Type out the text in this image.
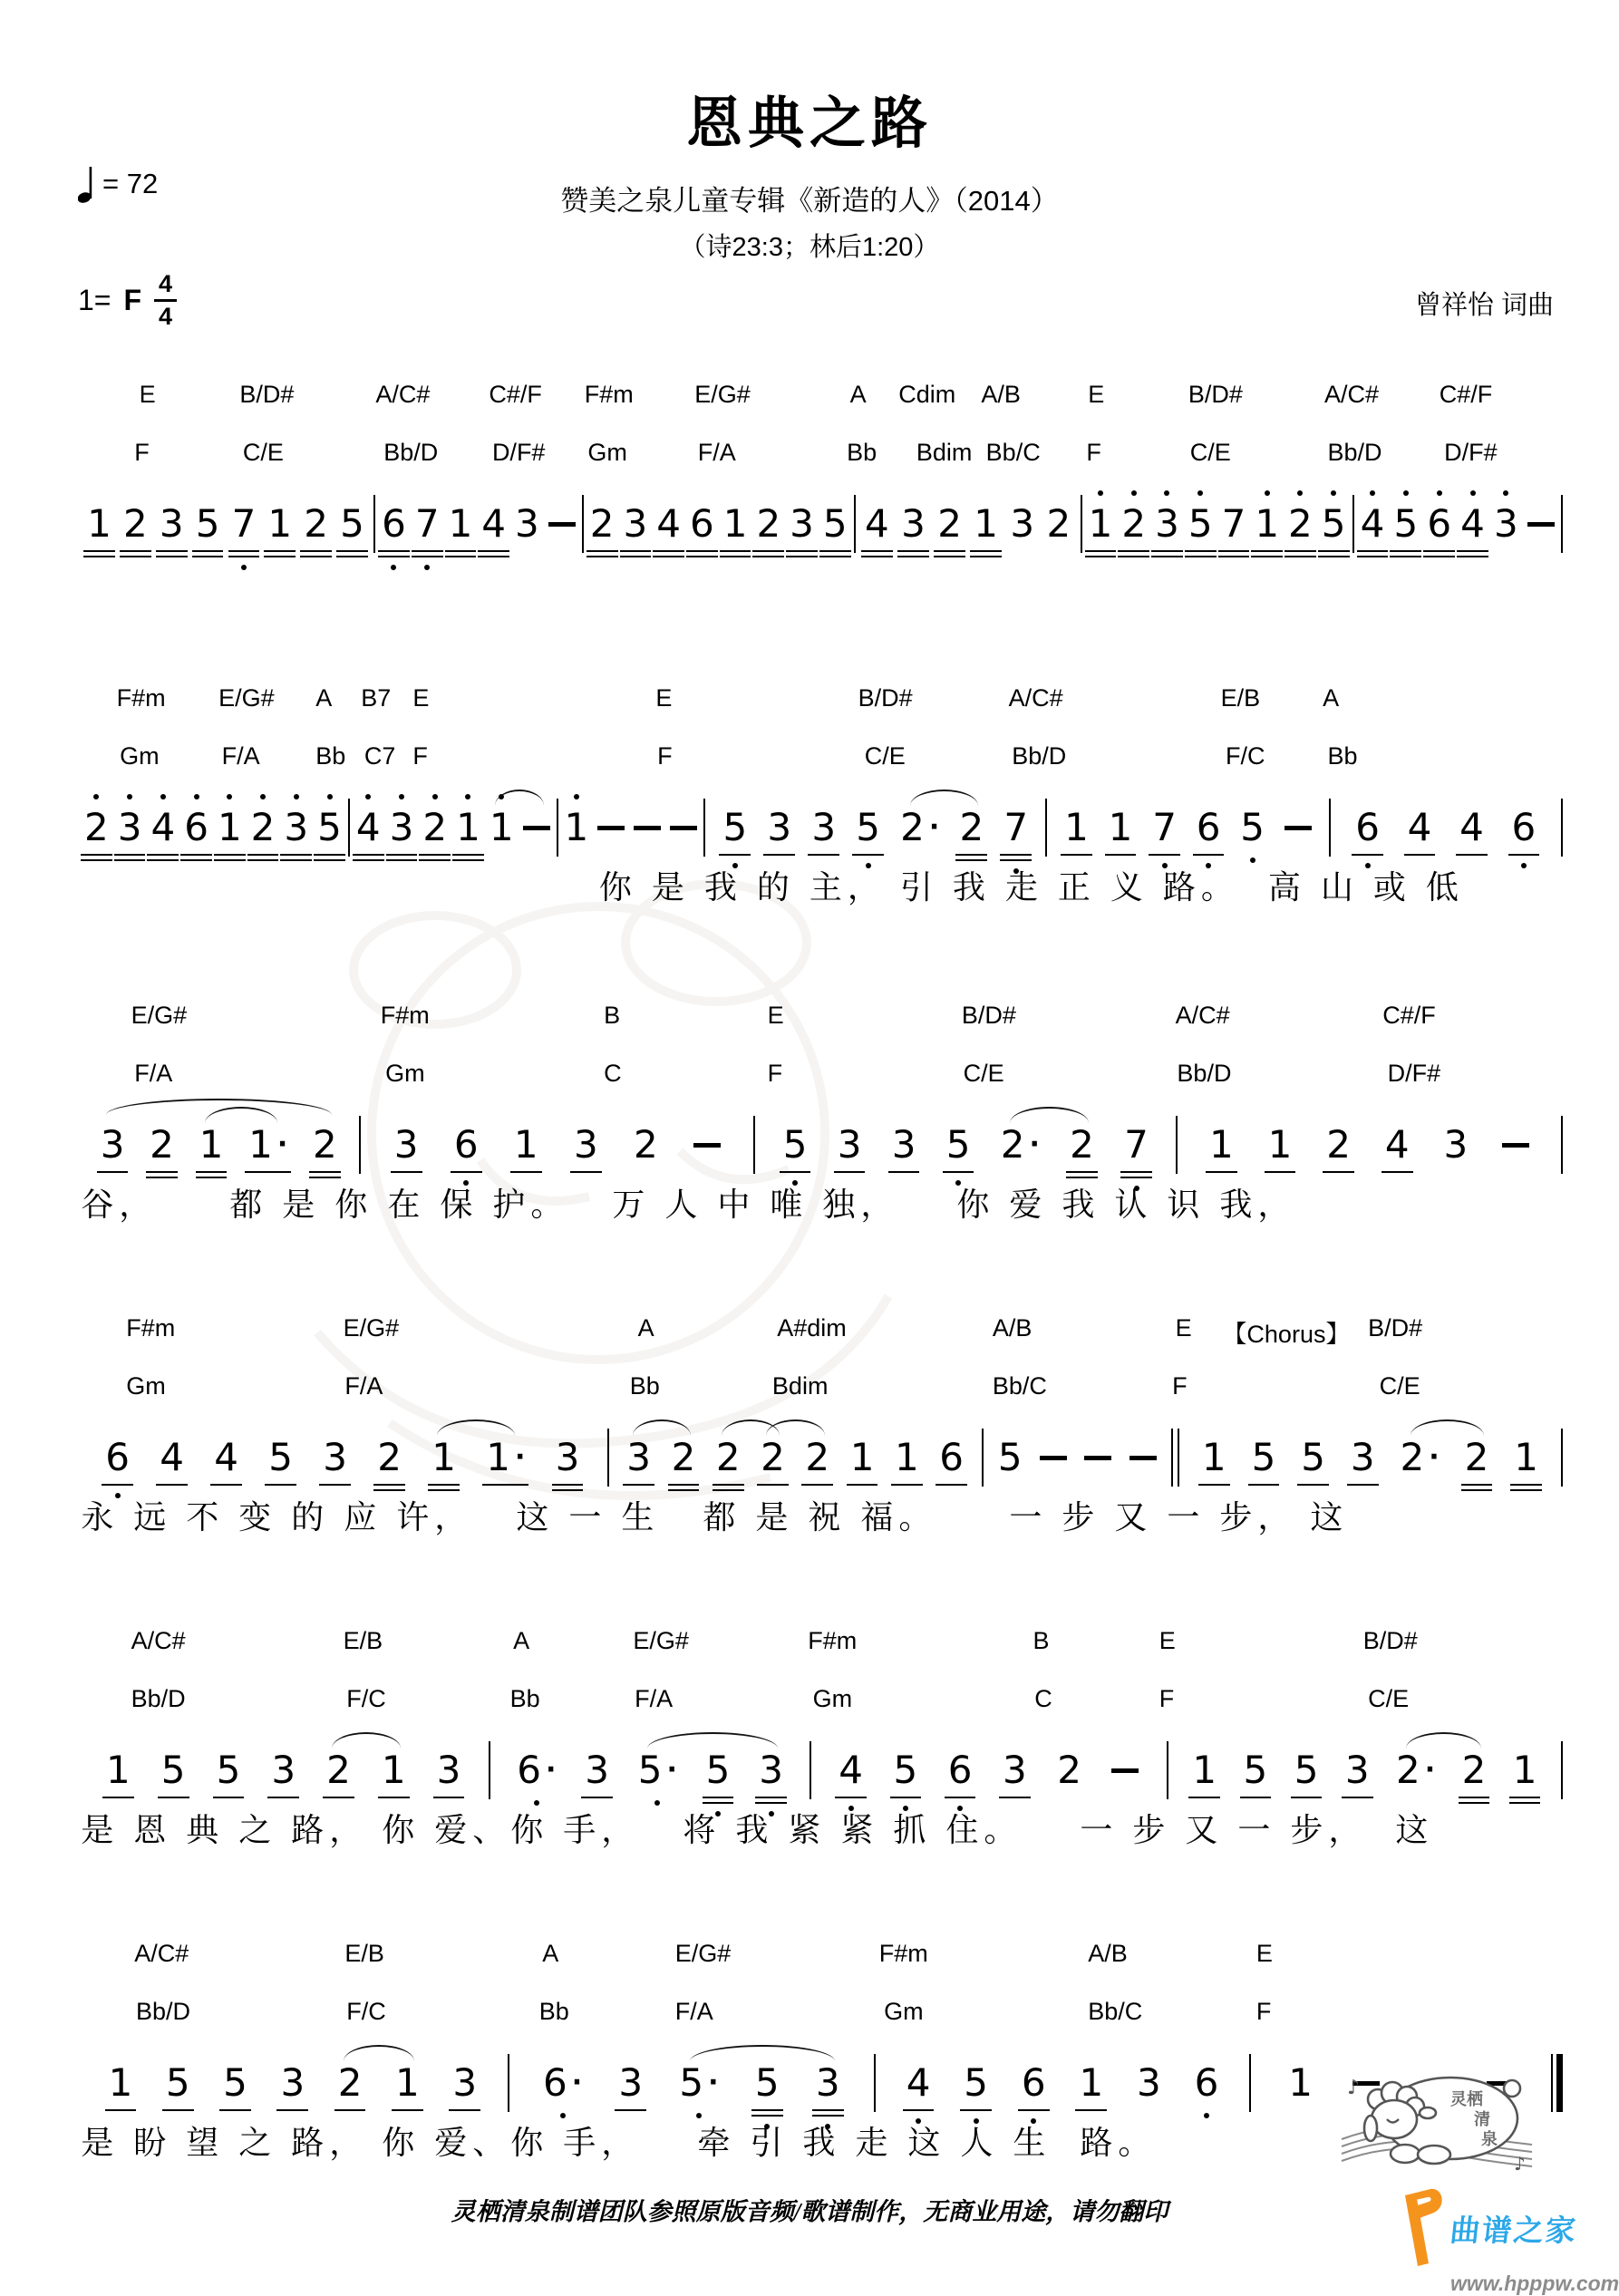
恩典之路
赞美之泉儿童专辑《新造的人》（2014）
（诗23:3；林后1:20）
曾祥怡 词曲
= 72
1= F $\frac{4}{4}$
E	B/D#	A/C# C#/F F#m E/G#	A Cdim A/B	E	B/D#	A/C# C#/F
F	C/E	Bb/D D/F# Gm	F/A	Bb Bdim Bb/C F	C/E	Bb/D	D/F#
1 2 3 5 7 1 2 5 6 7 1 4 3 2 3 4 6 1 2 3 5 4 3 2 1 3 2 1 2 3 5 7 1 2 5 4 5 6 4 3
F#m E/G# A B7 E	E	B/D#	A/C#	E/B	A
Gm	F/A Bb C7 F	F	C/E	Bb/D	F/C	Bb
2 3 4 6 1 2 3 5 4 3 2 1 1 1	5 3 3 5 2 · 2 7 1 1 7 6 5 6 4 4 6
你 是 我 的 主， 引 我 走 正 义 路。  高 山 或 低
E/G#	F#m	B	E	B/D#	A/C#	C#/F
F/A	Gm	C	F	C/E	Bb/D	D/F#
3 2 1 1 · 2 3 6 1 3 2	5 3 3 5 2 · 2 7 1 1 2 4 3
谷，     都 是 你 在 保 护。   万 人 中 唯 独，    你 爱 我 认 识 我，
F#m	E/G#	A	A#dim	A/B	E 【Chorus】 B/D#
Gm	F/A	Bb	Bdim	Bb/C	F	C/E
6 4 4 5 3 2 1 1 · 3 3 2 2 2 2 1 1 6 5	1 5 5 3 2 · 2 1
永 远 不 变 的 应 许，   这 一 生   都 是 祝 福。     一 步 又 一 步， 这
A/C#	E/B	A	E/G#	F#m	B	E	B/D#
Bb/D	F/C	Bb	F/A	Gm	C	F	C/E
1 5 5 3 2 1 3 6 · 3 5 · 5 3 4 5 6 3 2	1 5 5 3 2 · 2 1
是 恩 典 之 路， 你 爱、你 手，   将 我 紧 紧 抓 住。    一 步 又 一 步，  这
A/C#	E/B	A	E/G#	F#m	A/B	E
Bb/D	F/C	Bb	F/A	Gm	Bb/C	F
1 5 5 3 2 1 3 6 · 3 5 · 5 3 4 5 6 1 3 6 1
是 盼 望 之 路， 你 爱、你 手，    牵 引 我 走 这 人 生  路。
灵栖清泉制谱团队参照原版音频/歌谱制作，无商业用途，请勿翻印
♪
♪
灵栖
清
泉
曲谱之家
www.hpppw.com
